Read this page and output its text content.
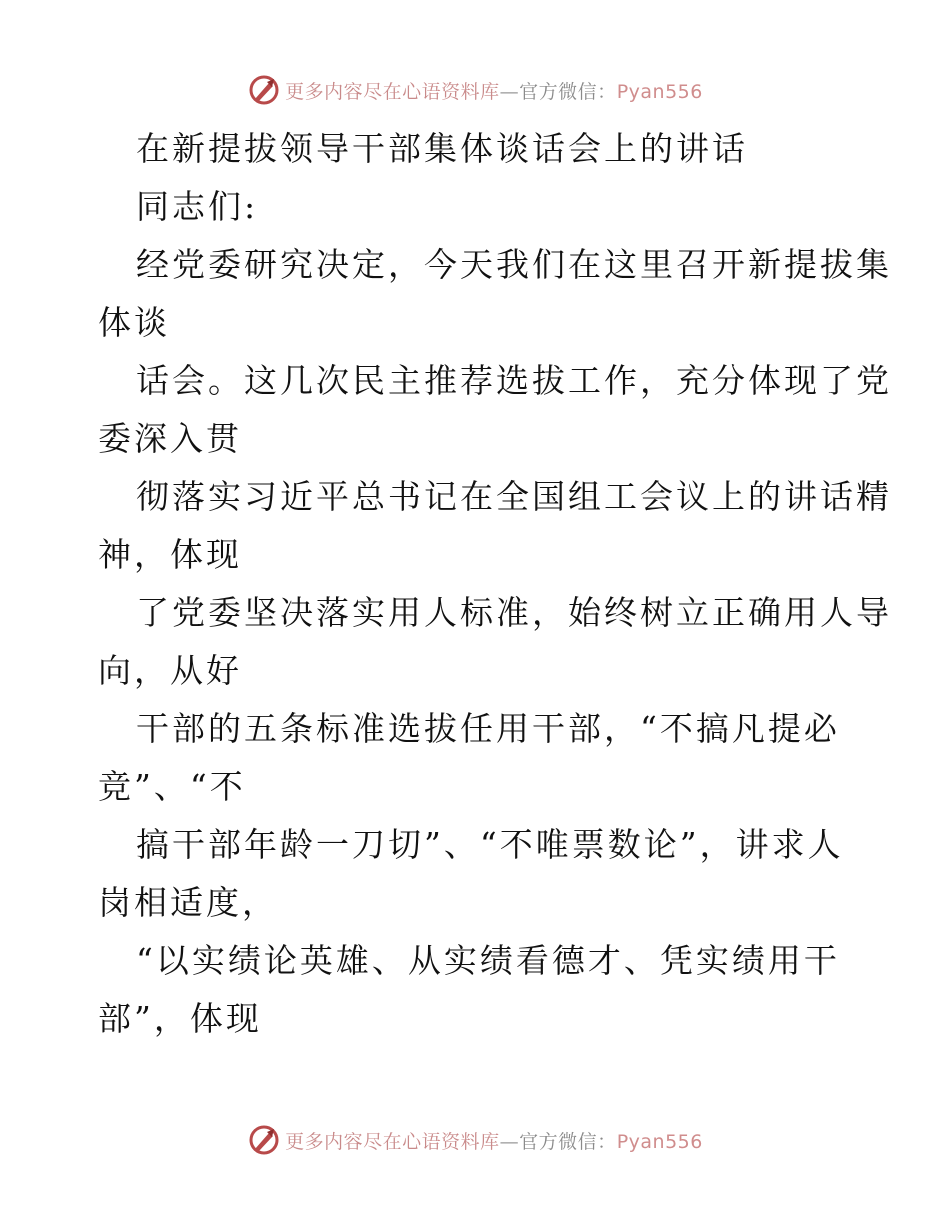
更多内容尽在心语资料库—官方微信：Pyan556
在新提拔领导干部集体谈话会上的讲话
同志们:
经党委研究决定，今天我们在这里召开新提拔集
体谈
话会。这几次民主推荐选拔工作，充分体现了党
委深入贯
彻落实习近平总书记在全国组工会议上的讲话精
神，体现
了党委坚决落实用人标准，始终树立正确用人导
向，从好
干部的五条标准选拔任用干部，“不搞凡提必
竞”、“不
搞干部年龄一刀切”、“不唯票数论”，讲求人
岗相适度，
“以实绩论英雄、从实绩看德才、凭实绩用干
部”，体现
更多内容尽在心语资料库—官方微信：Pyan556
